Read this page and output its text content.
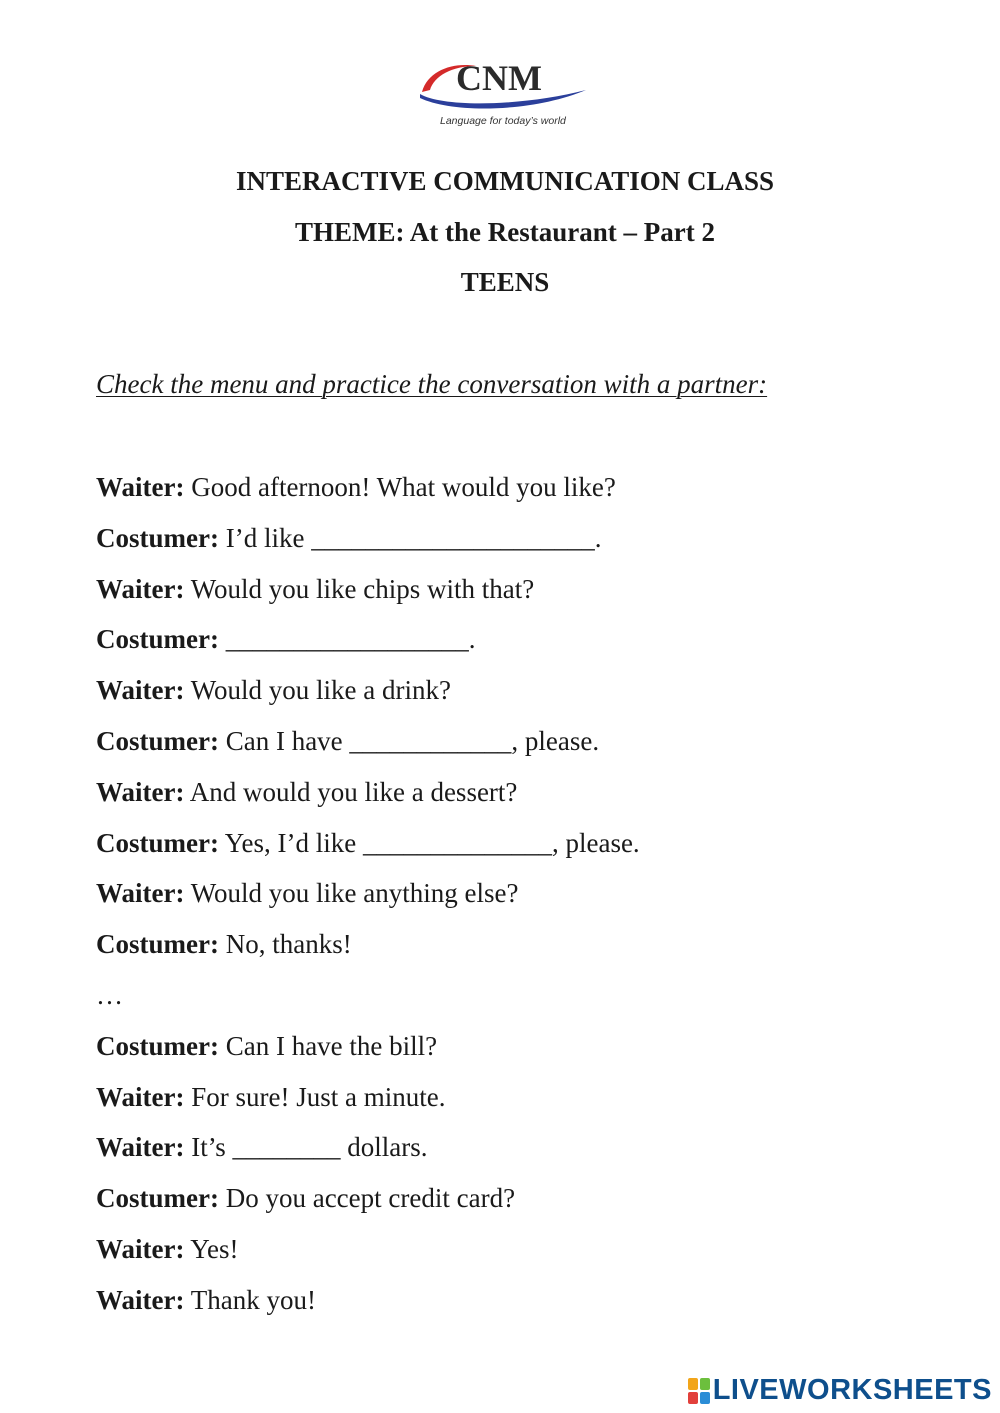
CNM
Language for today’s world
INTERACTIVE COMMUNICATION CLASS
THEME: At the Restaurant – Part 2
TEENS
Check the menu and practice the conversation with a partner:
Waiter: Good afternoon! What would you like?
Costumer: I’d like _____________________.
Waiter: Would you like chips with that?
Costumer: __________________.
Waiter: Would you like a drink?
Costumer: Can I have ____________, please.
Waiter: And would you like a dessert?
Costumer: Yes, I’d like ______________, please.
Waiter: Would you like anything else?
Costumer: No, thanks!
…
Costumer: Can I have the bill?
Waiter: For sure! Just a minute.
Waiter: It’s ________ dollars.
Costumer: Do you accept credit card?
Waiter: Yes!
Waiter: Thank you!
LIVEWORKSHEETS
